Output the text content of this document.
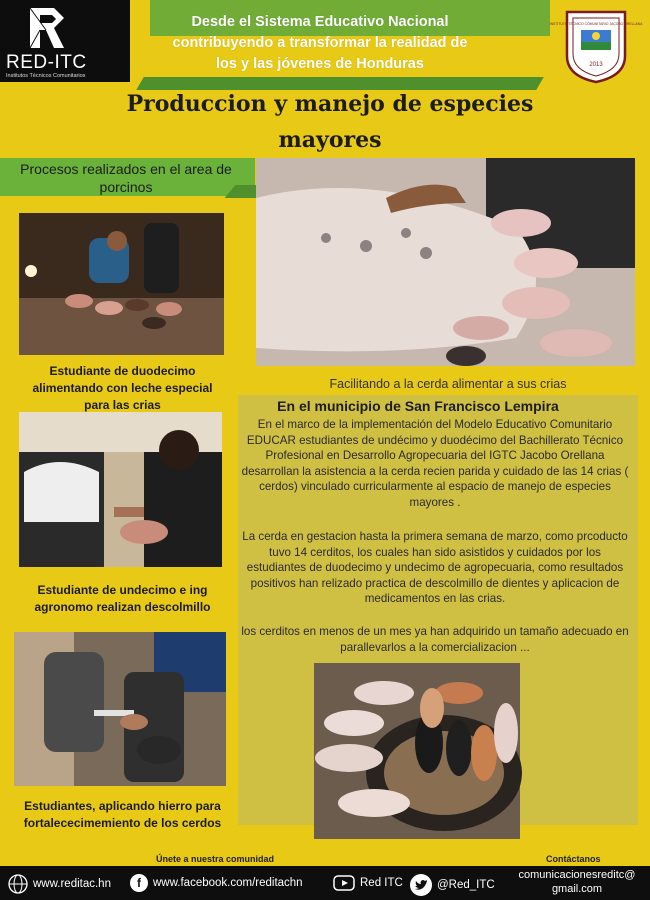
RED-ITC
Institutos Técnicos Comunitarios
Desde el Sistema Educativo Nacional
contribuyendo a transformar la realidad de
los y las jóvenes de Honduras	2013
INSTITUTO TÉCNICO COMUNITARIO JACOBO ORELLANA
Produccion y manejo de especies
mayores
Procesos realizados en el area de porcinos
Estudiante de duodecimo alimentando con leche especial para las crias
Estudiante de undecimo e ing agronomo realizan descolmillo
Estudiantes, aplicando hierro para fortalececimemiento de los cerdos
Facilitando a la cerda alimentar a sus crias
En el municipio de San Francisco Lempira
En el marco de la implementación del Modelo Educativo Comunitario EDUCAR estudiantes de undécimo y duodécimo del Bachillerato Técnico Profesional en Desarrollo Agropecuaria del IGTC Jacobo Orellana desarrollan la asistencia a la cerda recien parida y cuidado de las 14 crias ( cerdos) vinculado curricularmente al espacio de manejo de especies mayores .
La cerda en gestacion hasta la primera semana de marzo, como prcoducto tuvo 14 cerditos, los cuales han sido asistidos y cuidados por los estudiantes de duodecimo y undecimo de agropecuaria, como resultados positivos han relizado practica de descolmillo de dientes y aplicacion de medicamentos en las crias.
los cerditos en menos de un mes ya han adquirido un tamaño adecuado en parallevarlos a la comercializacion ...
Únete a nuestra comunidad	Contáctanos
www.reditac.hn	f	www.facebook.com/reditachn	Red ITC	@Red_ITC
comunicacionesreditc@
gmail.com
